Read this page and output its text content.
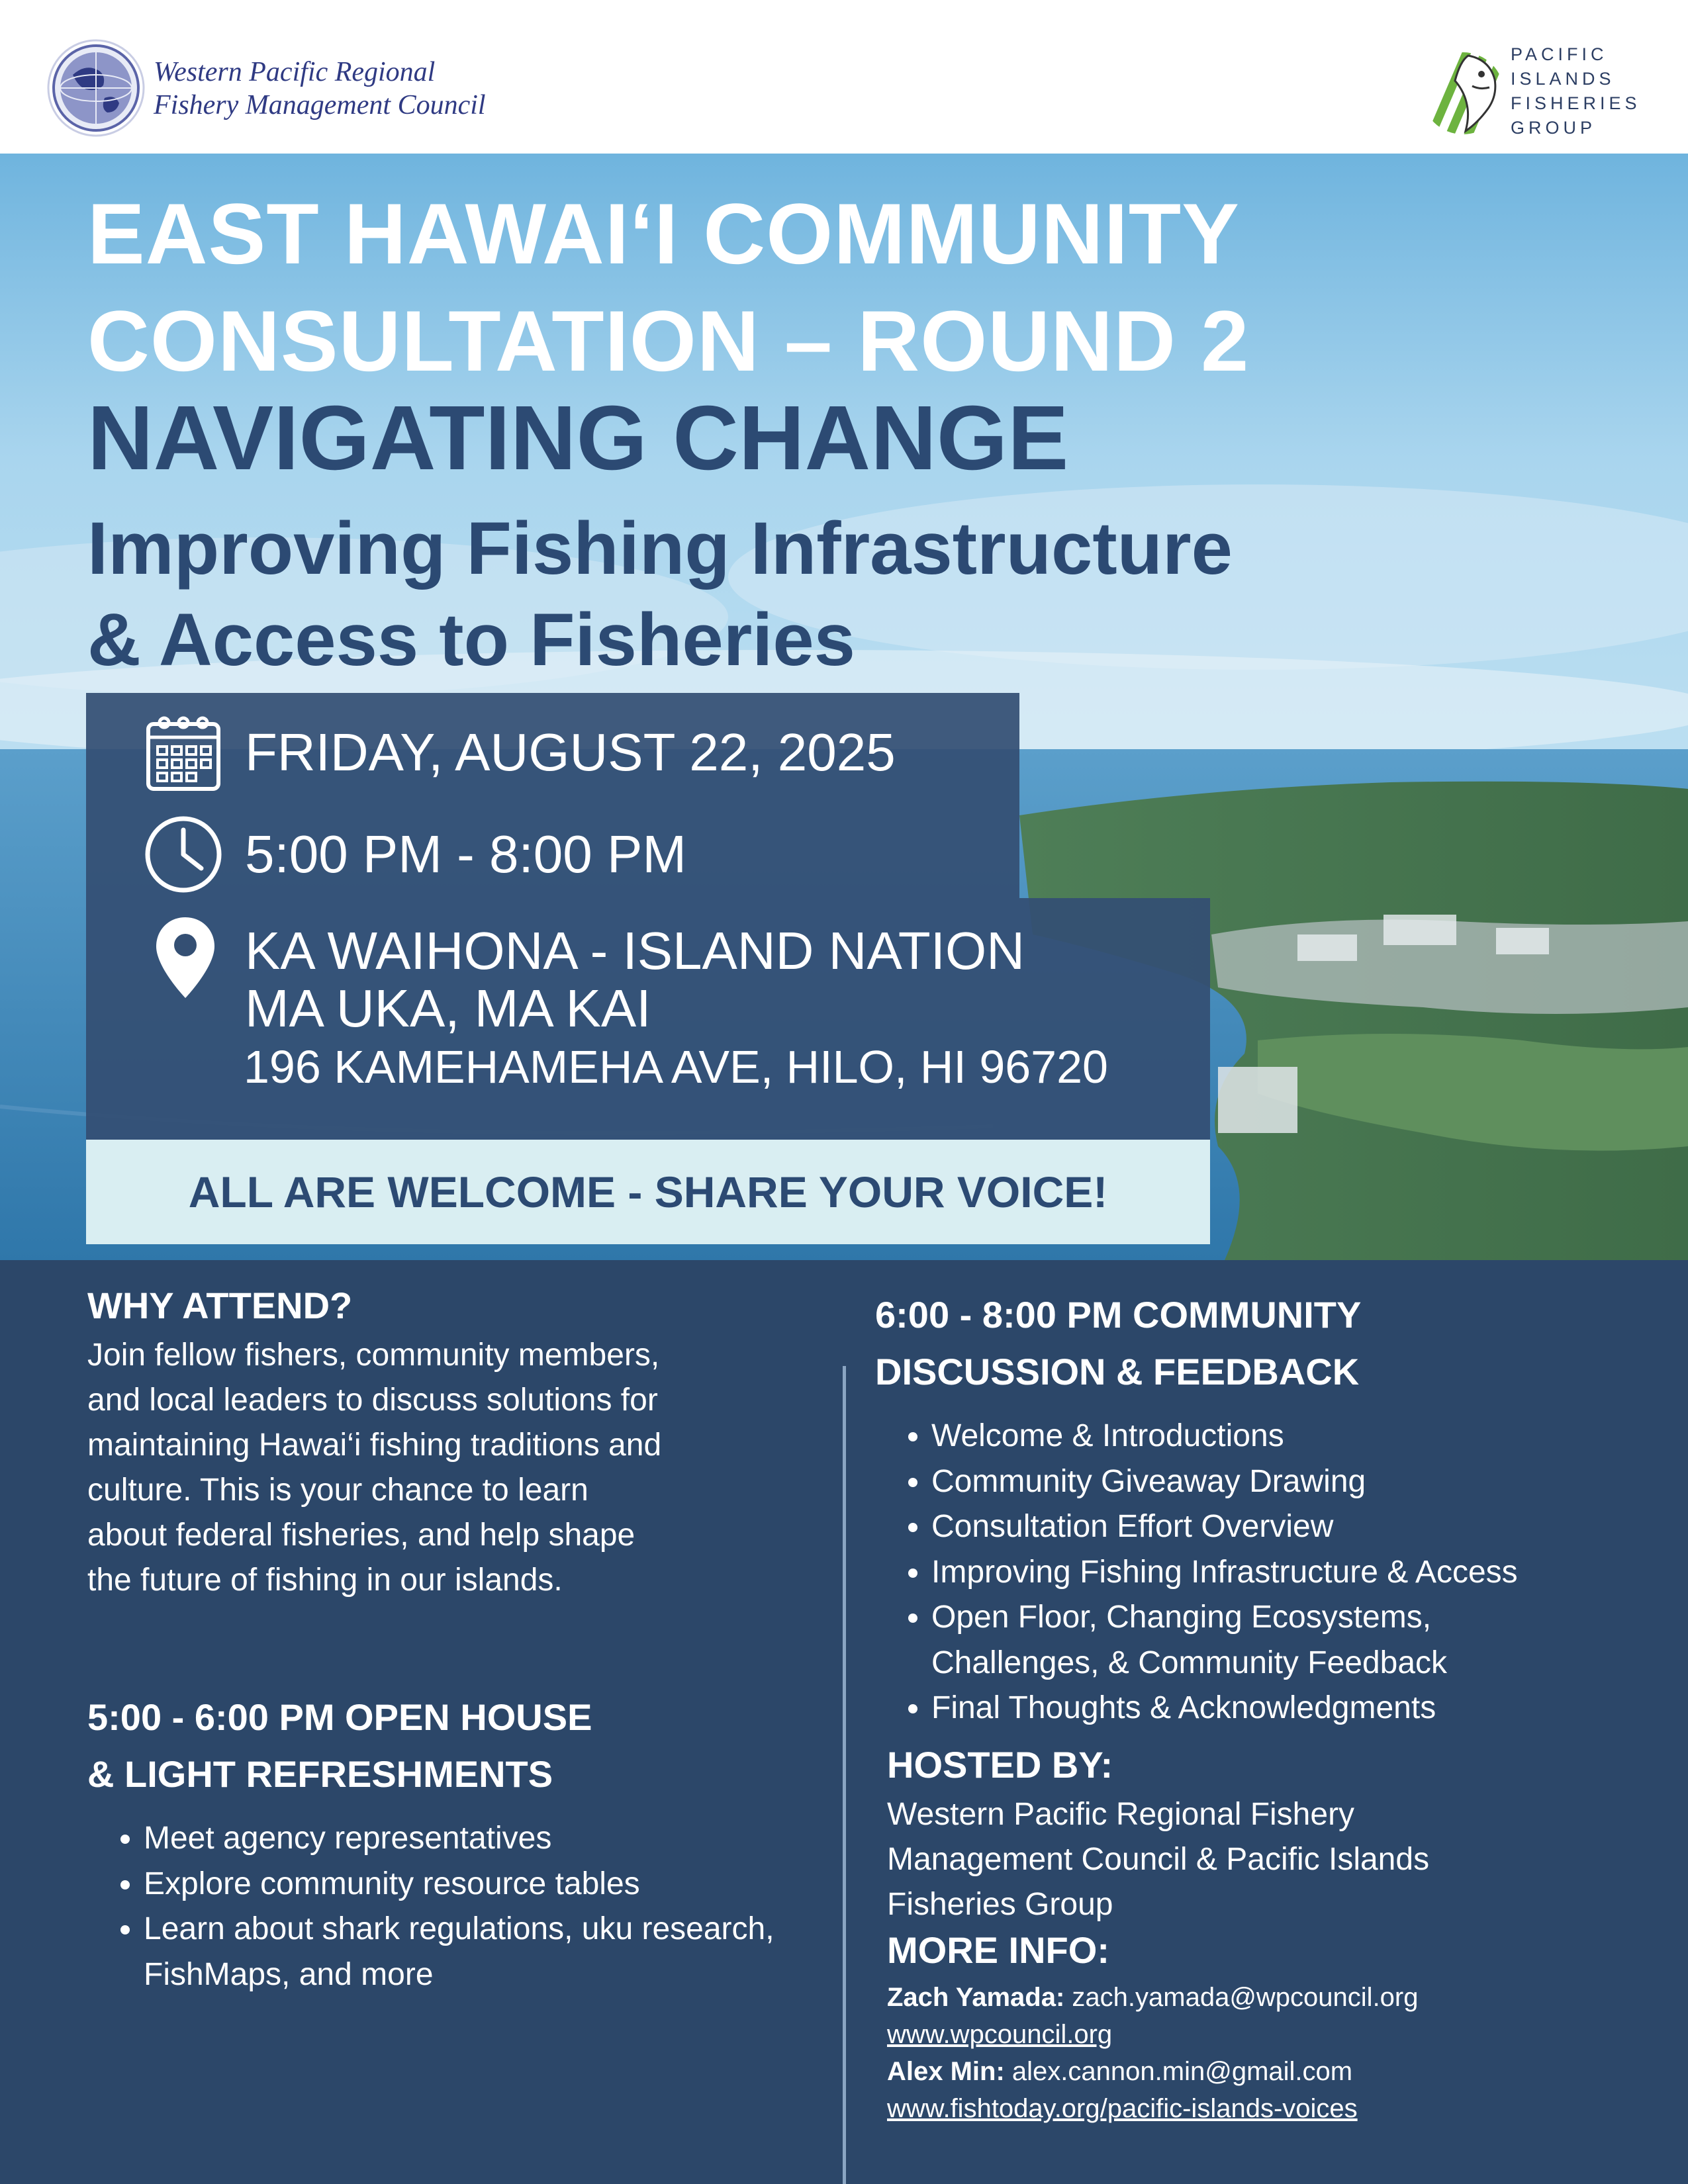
Western Pacific Regional
Fishery Management Council
PACIFIC
ISLANDS
FISHERIES
GROUP
EAST HAWAI‘I COMMUNITY
CONSULTATION – ROUND 2
NAVIGATING CHANGE
Improving Fishing Infrastructure
& Access to Fisheries
FRIDAY, AUGUST 22, 2025
5:00 PM - 8:00 PM
KA WAIHONA - ISLAND NATION
MA UKA, MA KAI
196 KAMEHAMEHA AVE, HILO, HI 96720
ALL ARE WELCOME - SHARE YOUR VOICE!
WHY ATTEND?
Join fellow fishers, community members,
and local leaders to discuss solutions for
maintaining Hawai‘i fishing traditions and
culture. This is your chance to learn
about federal fisheries, and help shape
the future of fishing in our islands.
5:00 - 6:00 PM OPEN HOUSE
& LIGHT REFRESHMENTS
• Meet agency representatives
• Explore community resource tables
• Learn about shark regulations, uku research, FishMaps, and more
6:00 - 8:00 PM COMMUNITY
DISCUSSION & FEEDBACK
• Welcome & Introductions
• Community Giveaway Drawing
• Consultation Effort Overview
• Improving Fishing Infrastructure & Access
• Open Floor, Changing Ecosystems, Challenges, & Community Feedback
• Final Thoughts & Acknowledgments
HOSTED BY:
Western Pacific Regional Fishery
Management Council & Pacific Islands
Fisheries Group
MORE INFO:
Zach Yamada: zach.yamada@wpcouncil.org
www.wpcouncil.org
Alex Min: alex.cannon.min@gmail.com
www.fishtoday.org/pacific-islands-voices
